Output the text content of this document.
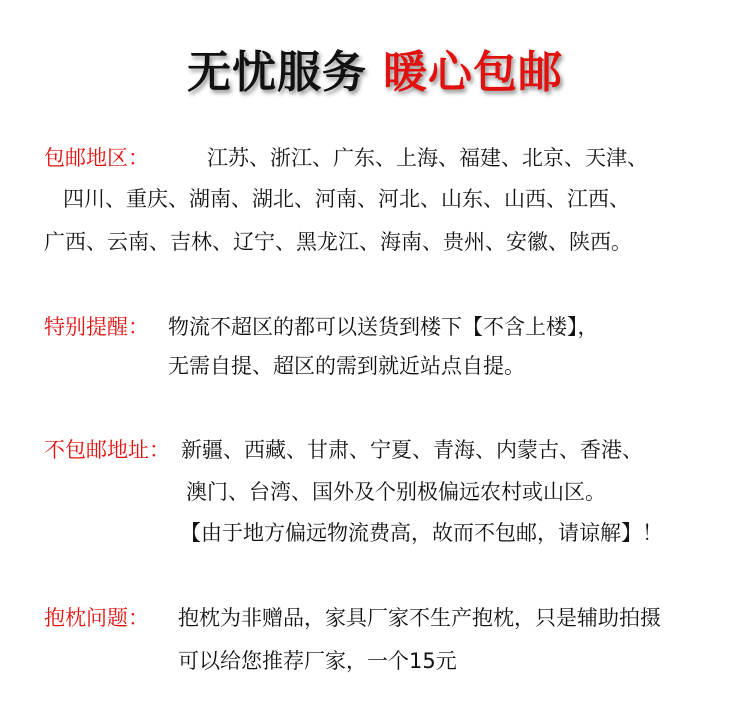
无忧服务 暖心包邮
包邮地区：	江苏、浙江、广东、上海、福建、北京、天津、
四川、重庆、湖南、湖北、河南、河北、山东、山西、江西、
广西、云南、吉林、辽宁、黑龙江、海南、贵州、安徽、陕西。
特别提醒： 物流不超区的都可以送货到楼下【不含上楼】，
无需自提、超区的需到就近站点自提。
不包邮地址： 新疆、西藏、甘肃、宁夏、青海、内蒙古、香港、
澳门、台湾、国外及个别极偏远农村或山区。
【由于地方偏远物流费高，故而不包邮，请谅解】！
抱枕问题： 抱枕为非赠品，家具厂家不生产抱枕，只是辅助拍摄
可以给您推荐厂家，一个15元
